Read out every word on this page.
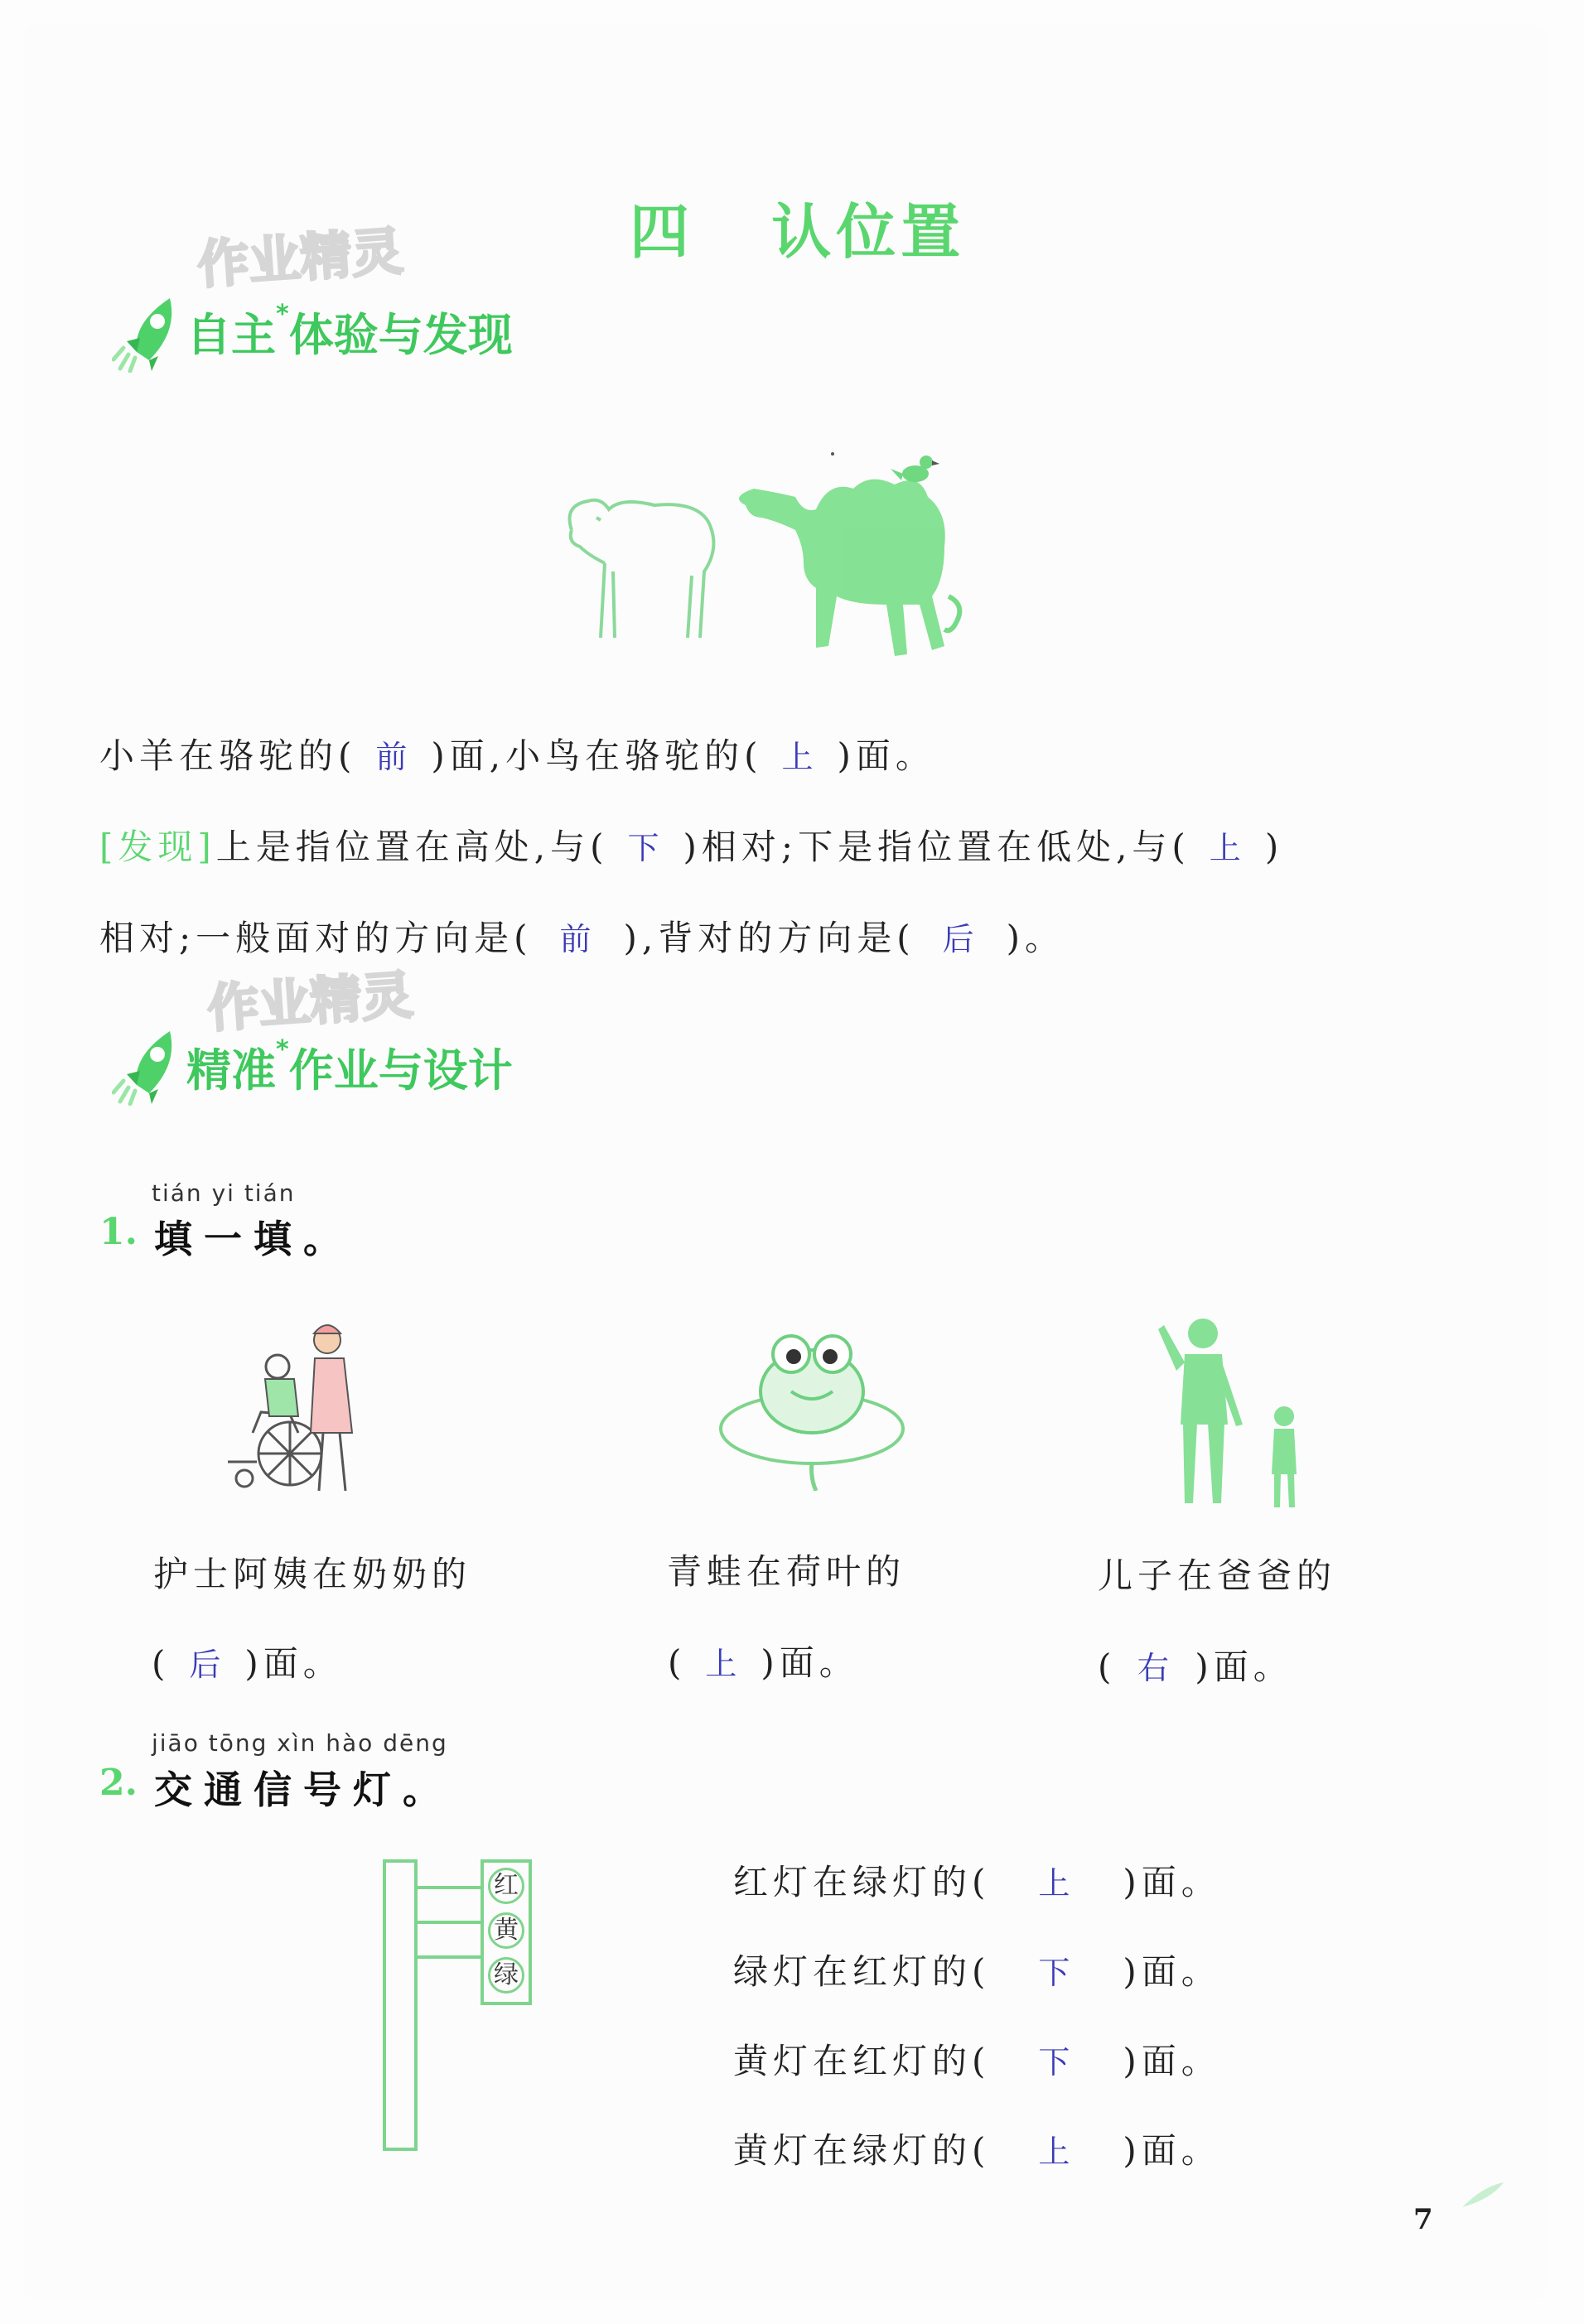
四   认位置
作业精灵
自主*体验与发现
小羊在骆驼的( 前 )面,小鸟在骆驼的( 上 )面。
[发现]上是指位置在高处,与( 下 )相对;下是指位置在低处,与( 上 )
相对;一般面对的方向是( 前 ),背对的方向是( 后 )。
作业精灵
精准*作业与设计
tián yi tián
1. 填一填。
护士阿姨在奶奶的
( 后 )面。
青蛙在荷叶的
( 上 )面。
儿子在爸爸的
( 右 )面。
jiāo tōng xìn hào dēng
2. 交通信号灯。
红
黄
绿
红灯在绿灯的( 上 )面。
绿灯在红灯的( 下 )面。
黄灯在红灯的( 下 )面。
黄灯在绿灯的( 上 )面。
7
